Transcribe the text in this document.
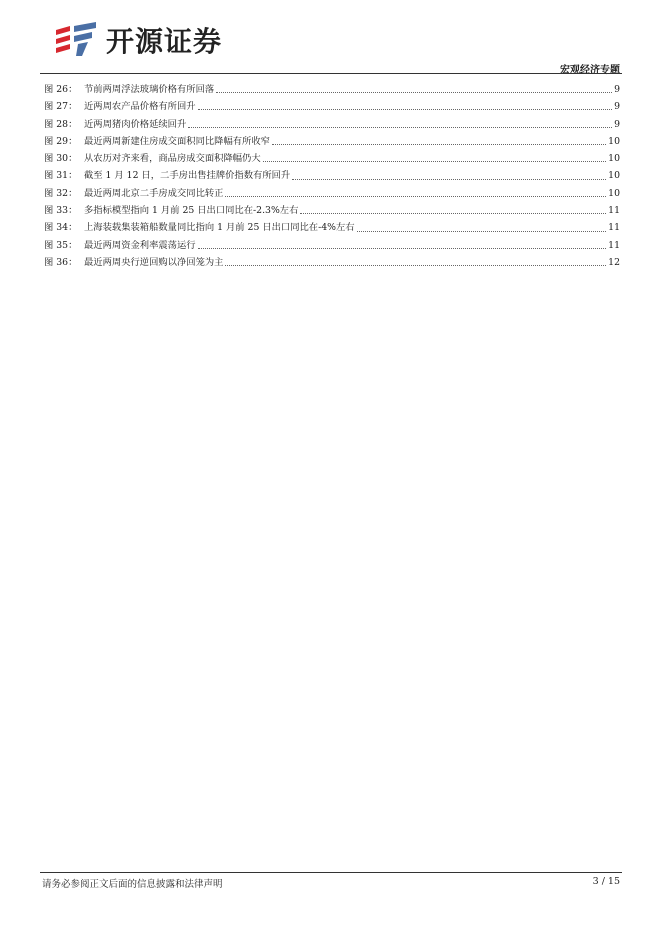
开源证券
宏观经济专题
图 26： 节前两周浮法玻璃价格有所回落	9
图 27： 近两周农产品价格有所回升	9
图 28： 近两周猪肉价格延续回升	9
图 29： 最近两周新建住房成交面积同比降幅有所收窄	10
图 30： 从农历对齐来看，商品房成交面积降幅仍大	10
图 31： 截至 1 月 12 日，二手房出售挂牌价指数有所回升	10
图 32： 最近两周北京二手房成交同比转正	10
图 33： 多指标模型指向 1 月前 25 日出口同比在-2.3%左右	11
图 34： 上海装载集装箱船数量同比指向 1 月前 25 日出口同比在-4%左右	11
图 35： 最近两周资金利率震荡运行	11
图 36： 最近两周央行逆回购以净回笼为主	12
请务必参阅正文后面的信息披露和法律声明	3 / 15
